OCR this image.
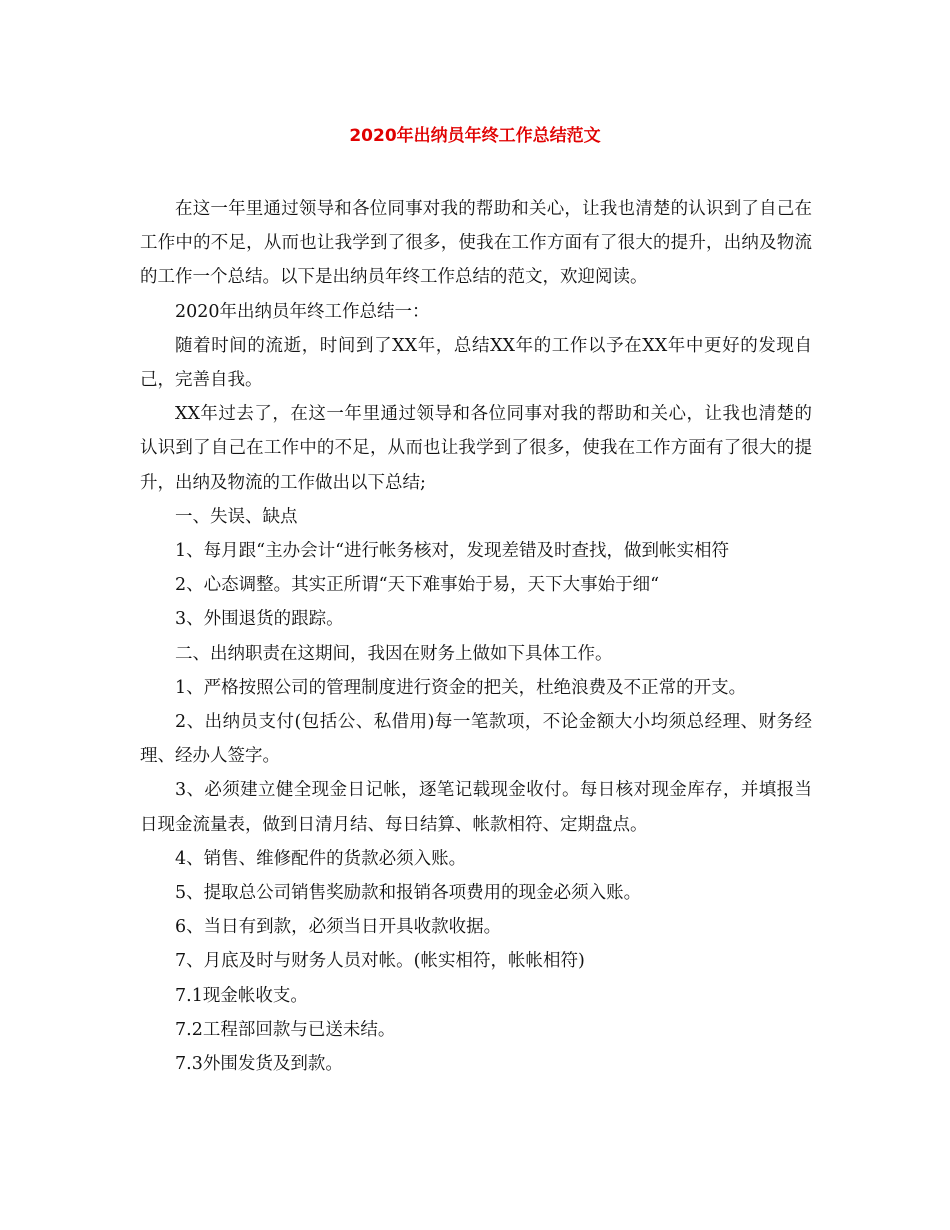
2020年出纳员年终工作总结范文

在这一年里通过领导和各位同事对我的帮助和关心，让我也清楚的认识到了自己在工作中的不足，从而也让我学到了很多，使我在工作方面有了很大的提升，出纳及物流的工作一个总结。以下是出纳员年终工作总结的范文，欢迎阅读。

2020年出纳员年终工作总结一：

随着时间的流逝，时间到了XX年，总结XX年的工作以予在XX年中更好的发现自己，完善自我。

XX年过去了，在这一年里通过领导和各位同事对我的帮助和关心，让我也清楚的认识到了自己在工作中的不足，从而也让我学到了很多，使我在工作方面有了很大的提升，出纳及物流的工作做出以下总结;

一、失误、缺点

1、每月跟“主办会计“进行帐务核对，发现差错及时查找，做到帐实相符

2、心态调整。其实正所谓“天下难事始于易，天下大事始于细“

3、外围退货的跟踪。

二、出纳职责在这期间，我因在财务上做如下具体工作。

1、严格按照公司的管理制度进行资金的把关，杜绝浪费及不正常的开支。

2、出纳员支付(包括公、私借用)每一笔款项，不论金额大小均须总经理、财务经理、经办人签字。

3、必须建立健全现金日记帐，逐笔记载现金收付。每日核对现金库存，并填报当日现金流量表，做到日清月结、每日结算、帐款相符、定期盘点。

4、销售、维修配件的货款必须入账。

5、提取总公司销售奖励款和报销各项费用的现金必须入账。

6、当日有到款，必须当日开具收款收据。

7、月底及时与财务人员对帐。(帐实相符，帐帐相符)

7.1现金帐收支。

7.2工程部回款与已送未结。

7.3外围发货及到款。
